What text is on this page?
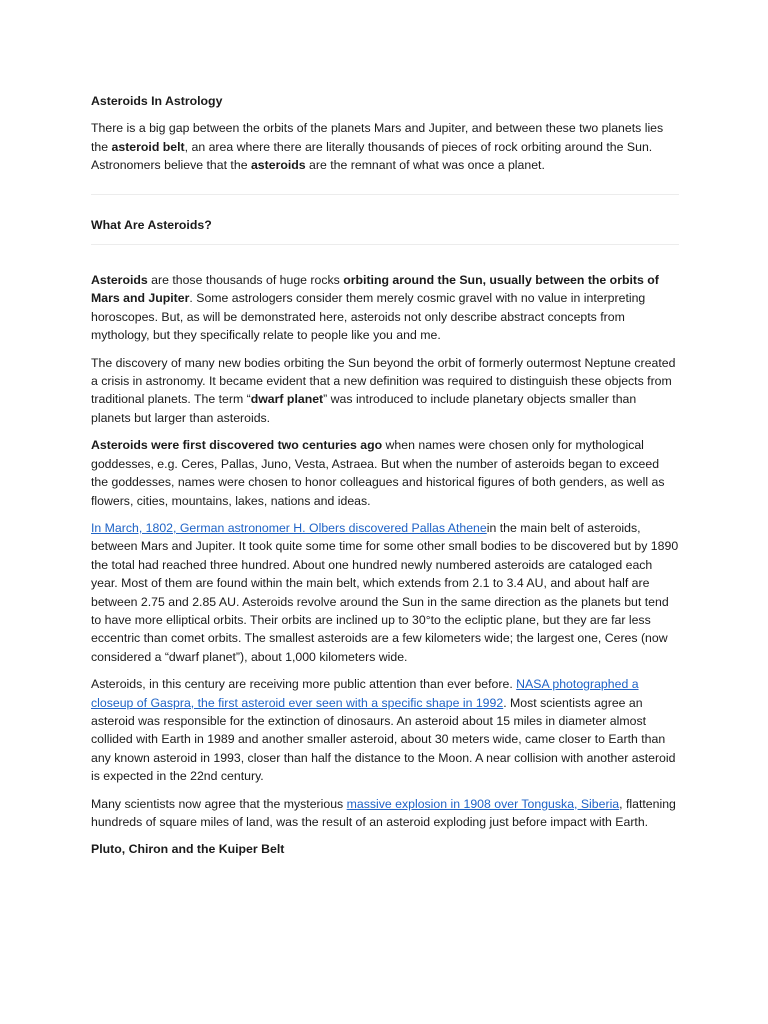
Asteroids In Astrology

There is a big gap between the orbits of the planets Mars and Jupiter, and between these two planets lies the asteroid belt, an area where there are literally thousands of pieces of rock orbiting around the Sun. Astronomers believe that the asteroids are the remnant of what was once a planet.

What Are Asteroids?

Asteroids are those thousands of huge rocks orbiting around the Sun, usually between the orbits of Mars and Jupiter. Some astrologers consider them merely cosmic gravel with no value in interpreting horoscopes. But, as will be demonstrated here, asteroids not only describe abstract concepts from mythology, but they specifically relate to people like you and me.

The discovery of many new bodies orbiting the Sun beyond the orbit of formerly outermost Neptune created a crisis in astronomy. It became evident that a new definition was required to distinguish these objects from traditional planets. The term “dwarf planet” was introduced to include planetary objects smaller than planets but larger than asteroids.

Asteroids were first discovered two centuries ago when names were chosen only for mythological goddesses, e.g. Ceres, Pallas, Juno, Vesta, Astraea. But when the number of asteroids began to exceed the goddesses, names were chosen to honor colleagues and historical figures of both genders, as well as flowers, cities, mountains, lakes, nations and ideas.

In March, 1802, German astronomer H. Olbers discovered Pallas Athenein the main belt of asteroids, between Mars and Jupiter. It took quite some time for some other small bodies to be discovered but by 1890 the total had reached three hundred. About one hundred newly numbered asteroids are cataloged each year. Most of them are found within the main belt, which extends from 2.1 to 3.4 AU, and about half are between 2.75 and 2.85 AU. Asteroids revolve around the Sun in the same direction as the planets but tend to have more elliptical orbits. Their orbits are inclined up to 30°to the ecliptic plane, but they are far less eccentric than comet orbits. The smallest asteroids are a few kilometers wide; the largest one, Ceres (now considered a “dwarf planet”), about 1,000 kilometers wide.

Asteroids, in this century are receiving more public attention than ever before. NASA photographed a closeup of Gaspra, the first asteroid ever seen with a specific shape in 1992. Most scientists agree an asteroid was responsible for the extinction of dinosaurs. An asteroid about 15 miles in diameter almost collided with Earth in 1989 and another smaller asteroid, about 30 meters wide, came closer to Earth than any known asteroid in 1993, closer than half the distance to the Moon. A near collision with another asteroid is expected in the 22nd century.

Many scientists now agree that the mysterious massive explosion in 1908 over Tonguska, Siberia, flattening hundreds of square miles of land, was the result of an asteroid exploding just before impact with Earth.

Pluto, Chiron and the Kuiper Belt
